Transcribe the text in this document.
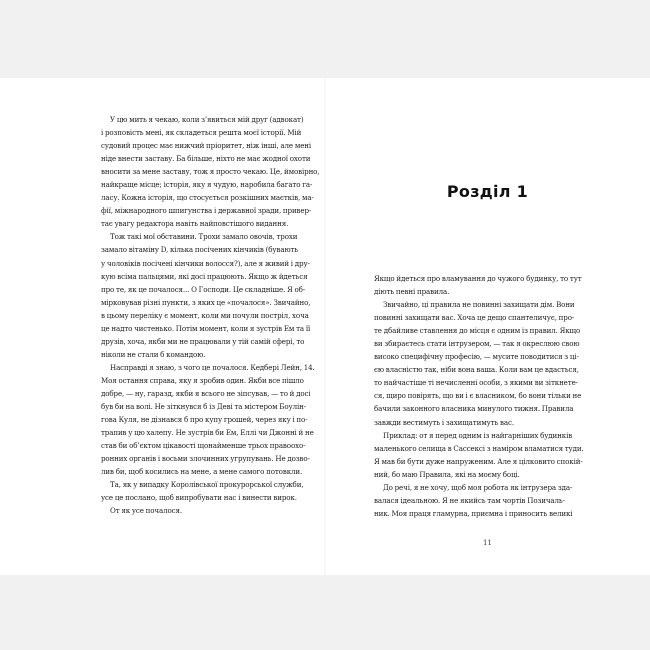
У цю мить я чекаю, коли з’явиться мій друг (адвокат)
і розповість мені, як складеться решта моєї історії. Мій
судовий процес має нижчий пріоритет, ніж інші, але мені
ніде внести заставу. Ба більше, ніхто не має жодної охоти
вносити за мене заставу, тож я просто чекаю. Це, ймовірно,
найкраще місце; історія, яку я чудую, наробила багато га-
ласу. Кожна історія, що стосується розкішних маєтків, ма-
фії, міжнародного шпигунства і державної зради, привер-
тає увагу редактора навіть найповстішого видання.
Тож такі мої обставини. Трохи замало овочів, трохи
замало вітаміну D, кілька посічених кінчиків (бувають
у чоловіків посічені кінчики волосся?), але я живий і дру-
кую всіма пальцями, які досі працюють. Якщо ж йдеться
про те, як це почалося... О Господи. Це складніше. Я об-
мірковував різні пункти, з яких це «почалося». Звичайно,
в цьому переліку є момент, коли ми почули постріл, хоча
це надто чистенько. Потім момент, коли я зустрів Ем та її
друзів, хоча, якби ми не працювали у тій самій сфері, то
ніколи не стали б командою.
Насправді я знаю, з чого це почалося. Кедбері Лейн, 14.
Моя остання справа, яку я зробив один. Якби все пішло
добре, — ну, гаразд, якби я всього не зіпсував, — то й досі
був би на волі. Не зіткнувся б із Деві та містером Боулін-
гова Куля, не дізнався б про купу грошей, через яку і по-
трапив у цю халепу. Не зустрів би Ем, Еллі чи Джонні й не
став би об’єктом цікавості щонайменше трьох правоохо-
ронних органів і восьми злочинних угрупувань. Не дозво-
лив би, щоб косились на мене, а мене самого потовкли.
Та, як у випадку Королівської прокурорської служби,
усе це послано, щоб випробувати нас і винести вирок.
От як усе почалося.
Розділ 1
Якщо йдеться про вламування до чужого будинку, то тут
діють певні правила.
Звичайно, ці правила не повинні захищати дім. Вони
повинні захищати вас. Хоча це дещо спантеличує, про-
те дбайливе ставлення до місця є одним із правил. Якщо
ви збираєтесь стати інтрузером, — так я окреслюю свою
високо специфічну професію, — мусите поводитися з ці-
єю власністю так, ніби вона ваша. Коли вам це вдасться,
то найчастіше ті нечисленні особи, з якими ви зіткнете-
ся, щиро повірять, що ви і є власником, бо вони тільки не
бачили законного власника минулого тижня. Правила
завжди вестимуть і захищатимуть вас.
Приклад: от я перед одним із найгарніших будинків
маленького селища в Сассексі з наміром вламатися туди.
Я мав би бути дуже напруженим. Але я цілковито спокій-
ний, бо маю Правила, які на моєму боці.
До речі, я не хочу, щоб моя робота як інтрузера зда-
валася ідеальною. Я не якийсь там чортів Позичаль-
ник. Моя праця гламурна, приємна і приносить великі
11
